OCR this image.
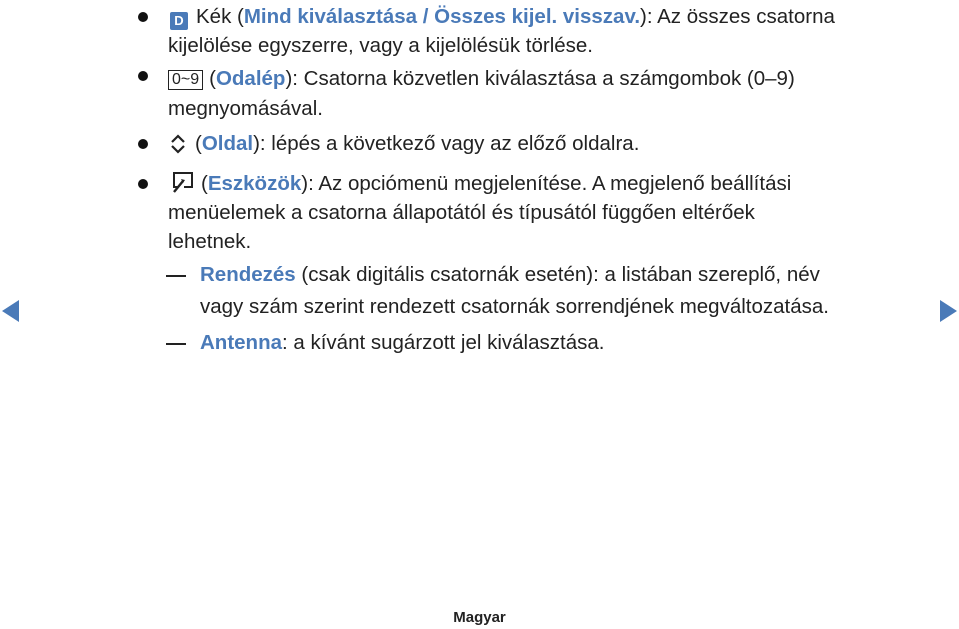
D Kék (Mind kiválasztása / Összes kijel. visszav.): Az összes csatorna
kijelölése egyszerre, vagy a kijelölésük törlése.
0~9 (Odalép): Csatorna közvetlen kiválasztása a számgombok (0–9)
megnyomásával.
(Oldal): lépés a következő vagy az előző oldalra.
(Eszközök): Az opciómenü megjelenítése. A megjelenő beállítási
menüelemek a csatorna állapotától és típusától függően eltérőek
lehetnek.
Rendezés (csak digitális csatornák esetén): a listában szereplő, név
vagy szám szerint rendezett csatornák sorrendjének megváltozatása.
Antenna: a kívánt sugárzott jel kiválasztása.
Magyar
